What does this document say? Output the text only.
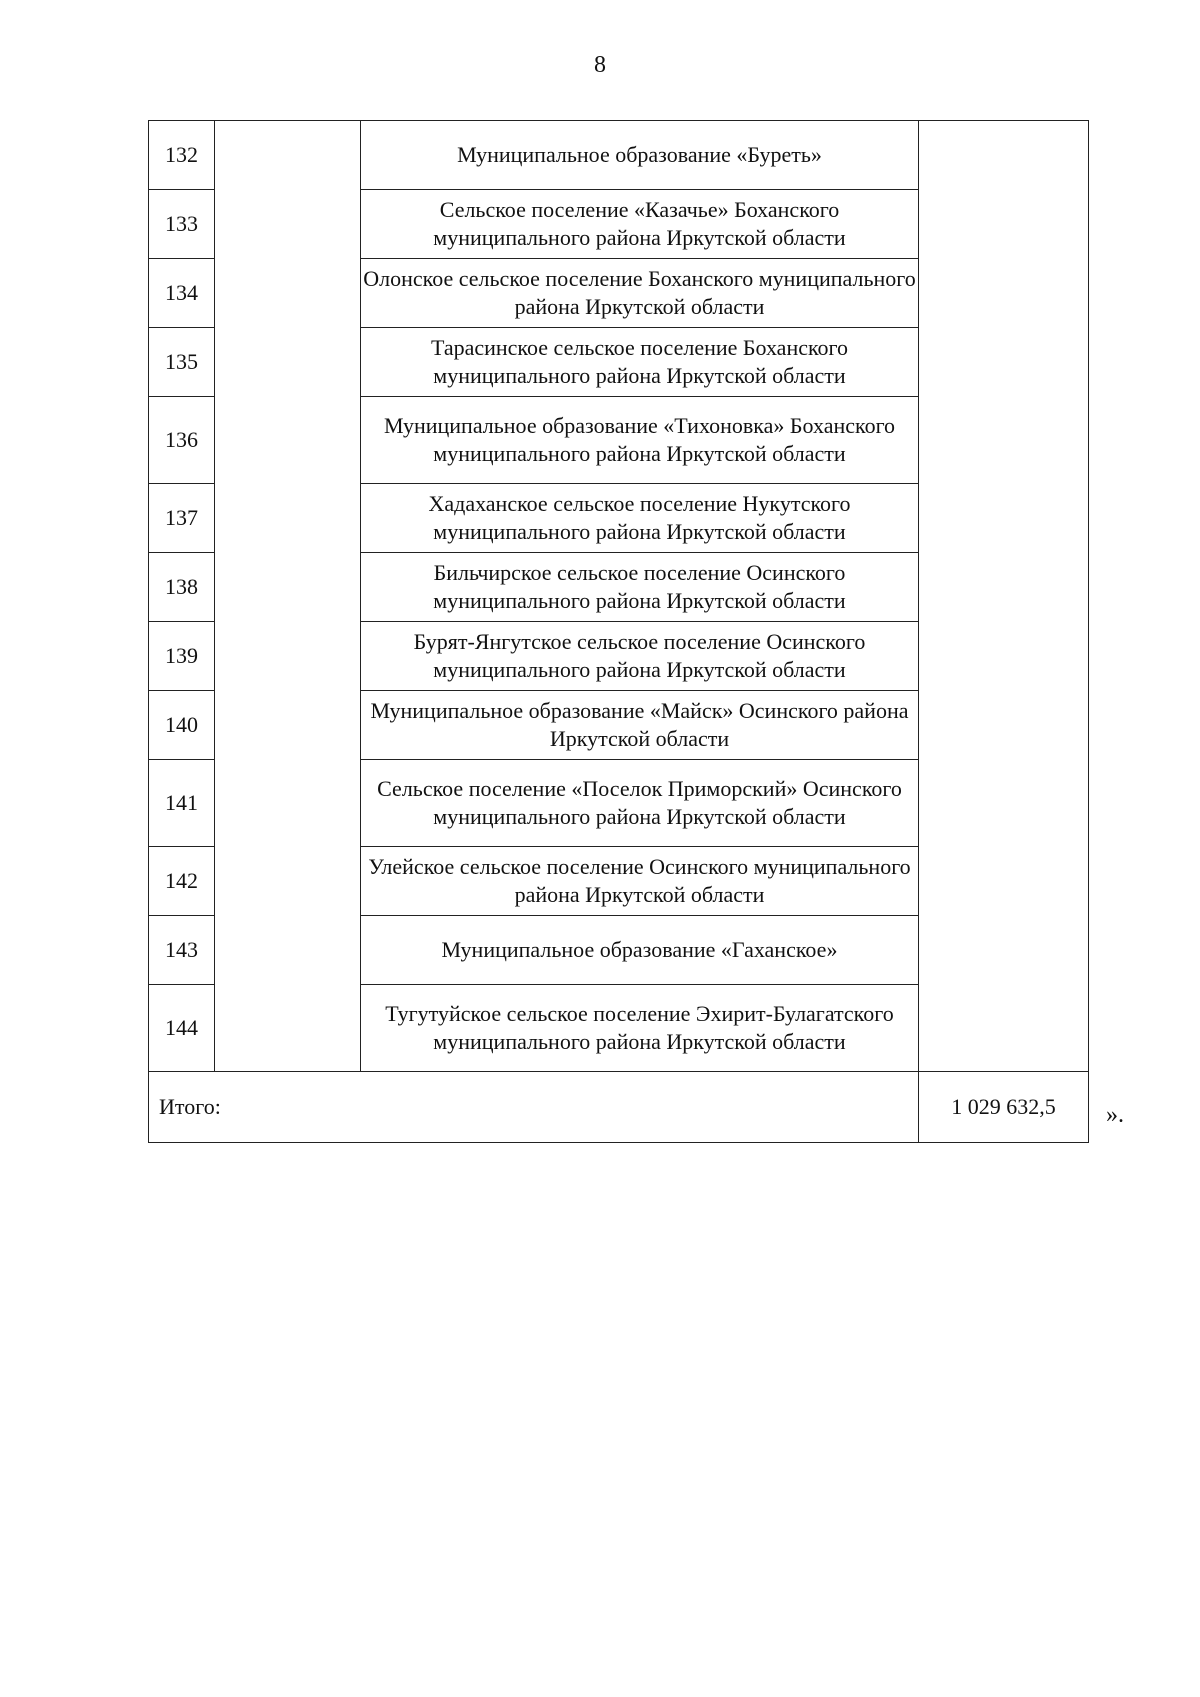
8
132		Муниципальное образование «Буреть»	
133		Сельское поселение «Казачье» Боханского муниципального района Иркутской области	
134		Олонское сельское поселение Боханского муниципального района Иркутской области	
135		Тарасинское сельское поселение Боханского муниципального района Иркутской области	
136		Муниципальное образование «Тихоновка» Боханского муниципального района Иркутской области	
137		Хадаханское сельское поселение Нукутского муниципального района Иркутской области	
138		Бильчирское сельское поселение Осинского муниципального района Иркутской области	
139		Бурят-Янгутское сельское поселение Осинского муниципального района Иркутской области	
140		Муниципальное образование «Майск» Осинского района Иркутской области	
141		Сельское поселение «Поселок Приморский» Осинского муниципального района Иркутской области	
142		Улейское сельское поселение Осинского муниципального района Иркутской области	
143		Муниципальное образование «Гаханское»	
144		Тугутуйское сельское поселение Эхирит-Булагатского муниципального района Иркутской области	
Итого:			1 029 632,5 ».
